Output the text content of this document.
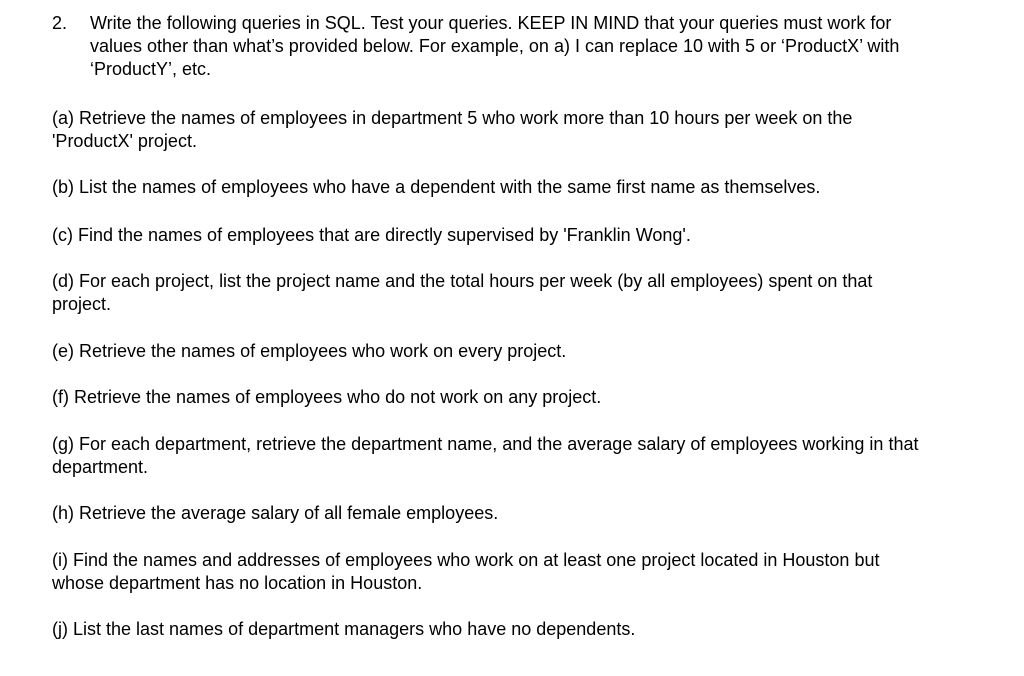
2. Write the following queries in SQL. Test your queries. KEEP IN MIND that your queries must work for values other than what’s provided below. For example, on a) I can replace 10 with 5 or ‘ProductX’ with ‘ProductY’, etc.
(a) Retrieve the names of employees in department 5 who work more than 10 hours per week on the 'ProductX' project.
(b) List the names of employees who have a dependent with the same first name as themselves.
(c) Find the names of employees that are directly supervised by 'Franklin Wong'.
(d) For each project, list the project name and the total hours per week (by all employees) spent on that project.
(e) Retrieve the names of employees who work on every project.
(f) Retrieve the names of employees who do not work on any project.
(g) For each department, retrieve the department name, and the average salary of employees working in that department.
(h) Retrieve the average salary of all female employees.
(i) Find the names and addresses of employees who work on at least one project located in Houston but whose department has no location in Houston.
(j) List the last names of department managers who have no dependents.
